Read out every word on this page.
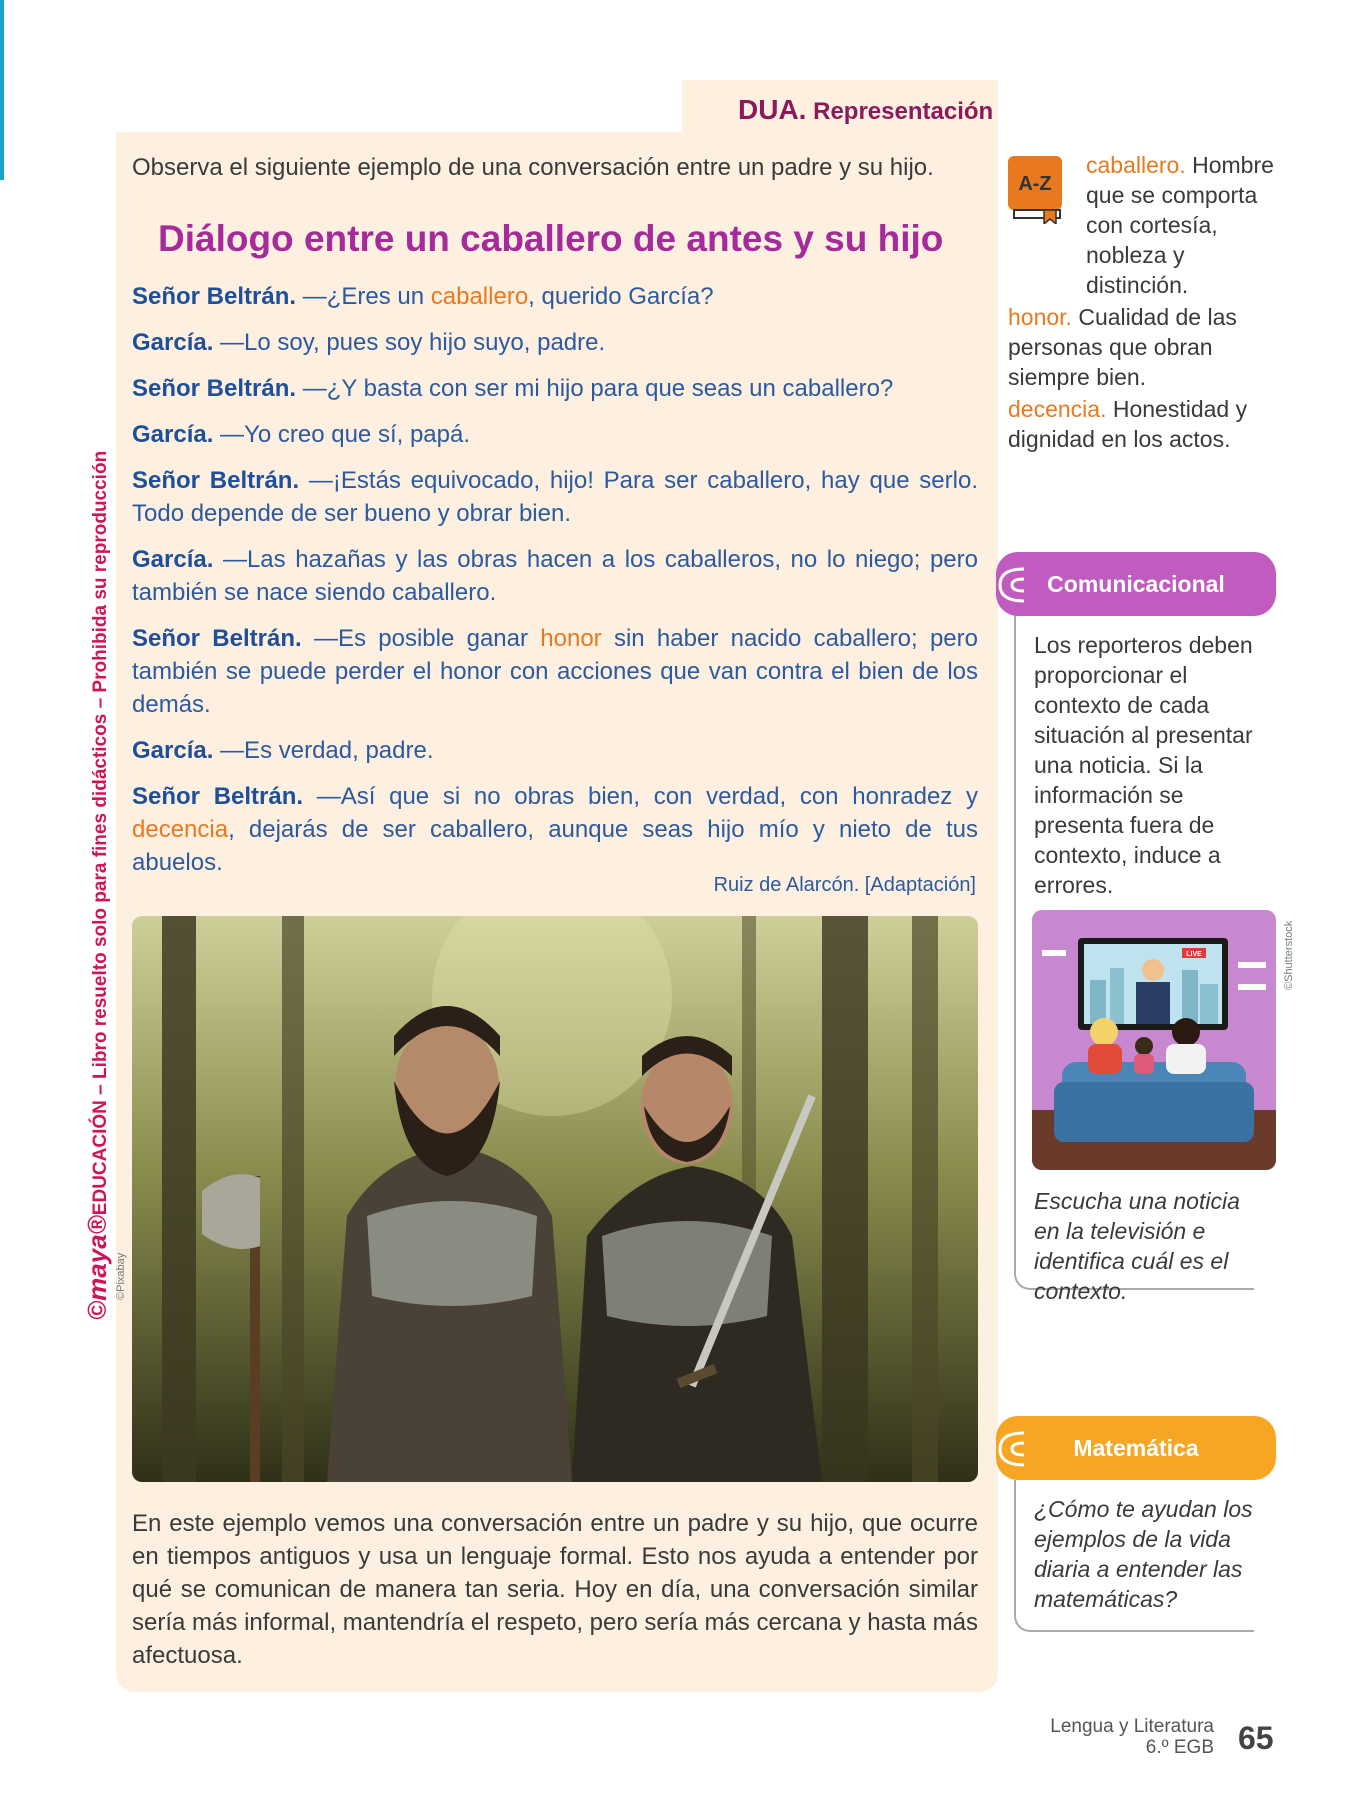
©maya®EDUCACIÓN – Libro resuelto solo para fines didácticos – Prohibida su reproducción
DUA. Representación

Observa el siguiente ejemplo de una conversación entre un padre y su hijo.

Diálogo entre un caballero de antes y su hijo

Señor Beltrán. —¿Eres un caballero, querido García?

García. —Lo soy, pues soy hijo suyo, padre.

Señor Beltrán. —¿Y basta con ser mi hijo para que seas un caballero?

García. —Yo creo que sí, papá.

Señor Beltrán. —¡Estás equivocado, hijo! Para ser caballero, hay que serlo. Todo depende de ser bueno y obrar bien.

García. —Las hazañas y las obras hacen a los caballeros, no lo niego; pero también se nace siendo caballero.

Señor Beltrán. —Es posible ganar honor sin haber nacido caballero; pero también se puede perder el honor con acciones que van contra el bien de los demás.

García. —Es verdad, padre.

Señor Beltrán. —Así que si no obras bien, con verdad, con honradez y decencia, dejarás de ser caballero, aunque seas hijo mío y nieto de tus abuelos.

Ruiz de Alarcón. [Adaptación]

En este ejemplo vemos una conversación entre un padre y su hijo, que ocurre en tiempos antiguos y usa un lenguaje formal. Esto nos ayuda a entender por qué se comunican de manera tan seria. Hoy en día, una conversación similar sería más informal, mantendría el respeto, pero sería más cercana y hasta más afectuosa.

A-Z

caballero. Hombre que se comporta con cortesía, nobleza y distinción.

honor. Cualidad de las personas que obran siempre bien.

decencia. Honestidad y dignidad en los actos.

Comunicacional

Los reporteros deben proporcionar el contexto de cada situación al presentar una noticia. Si la información se presenta fuera de contexto, induce a errores.

LIVE

Escucha una noticia en la televisión e identifica cuál es el contexto.

Matemática

¿Cómo te ayudan los ejemplos de la vida diaria a entender las matemáticas?

©Pixabay
©Shutterstock
Lengua y Literatura
6.º EGB 65
